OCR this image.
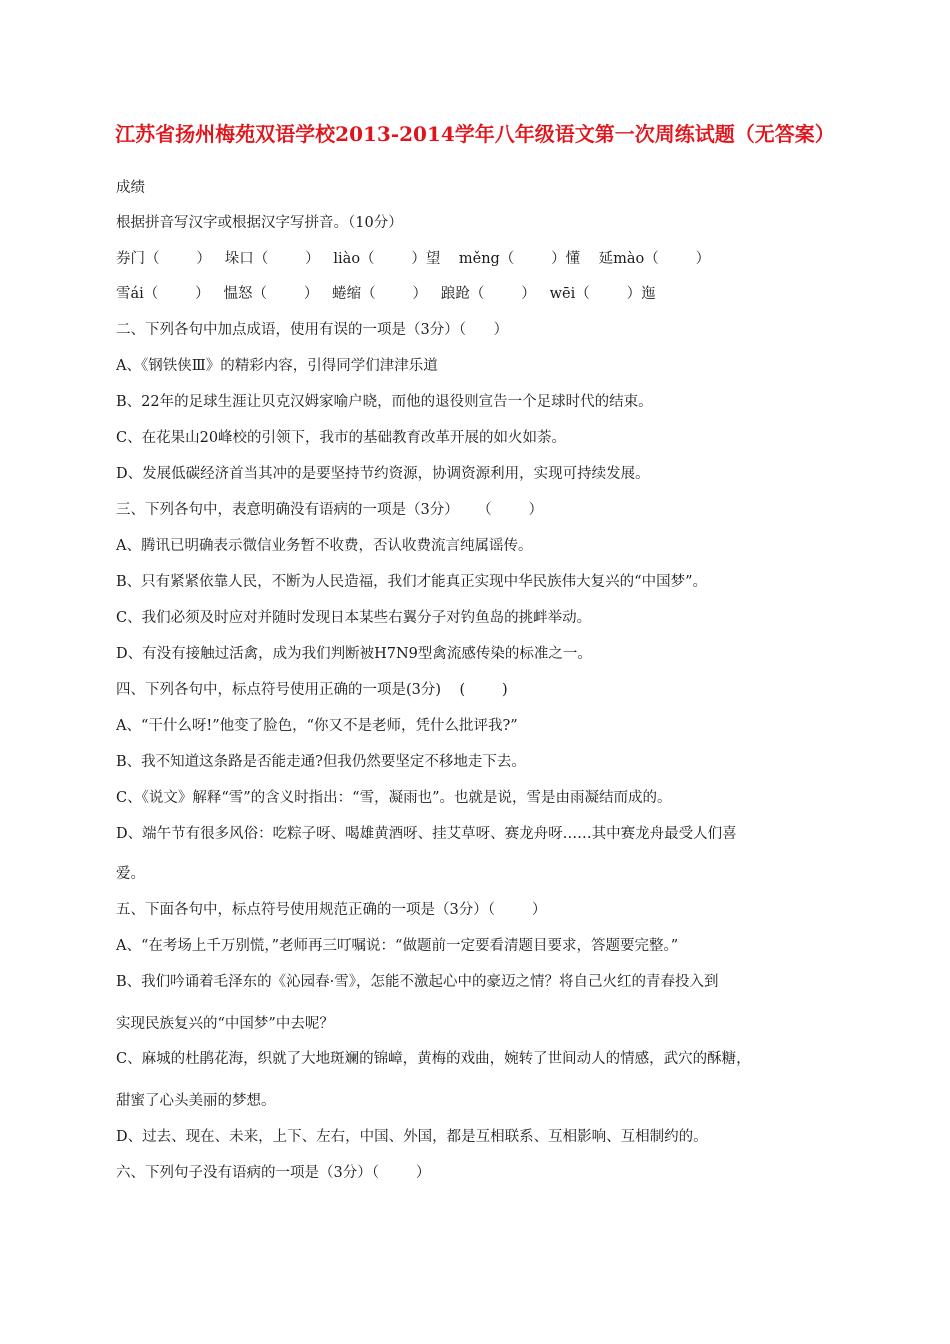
江苏省扬州梅苑双语学校2013-2014学年八年级语文第一次周练试题（无答案）
成绩
根据拼音写汉字或根据汉字写拼音。（10分）
券门（        ）   垛口（        ）   liào（        ）望    měng（        ）懂    延mào（        ）
雪ái（        ）   愠怒（        ）   蜷缩（        ）   踉跄（        ）   wēi（        ）迤
二、下列各句中加点成语，使用有误的一项是（3分）（      ）
A、《钢铁侠Ⅲ》的精彩内容，引得同学们津津乐道
B、22年的足球生涯让贝克汉姆家喻户晓，而他的退役则宣告一个足球时代的结束。
C、在花果山20峰校的引领下，我市的基础教育改革开展的如火如荼。
D、发展低碳经济首当其冲的是要坚持节约资源，协调资源利用，实现可持续发展。
三、下列各句中，表意明确没有语病的一项是（3分）    （        ）
A、腾讯已明确表示微信业务暂不收费，否认收费流言纯属谣传。
B、只有紧紧依靠人民，不断为人民造福，我们才能真正实现中华民族伟大复兴的“中国梦”。
C、我们必须及时应对并随时发现日本某些右翼分子对钓鱼岛的挑衅举动。
D、有没有接触过活禽，成为我们判断被H7N9型禽流感传染的标准之一。
四、下列各句中，标点符号使用正确的一项是(3分)    (        )
A、“干什么呀!”他变了脸色，“你又不是老师，凭什么批评我?”
B、我不知道这条路是否能走通?但我仍然要坚定不移地走下去。
C、《说文》解释“雪”的含义时指出：“雪，凝雨也”。也就是说，雪是由雨凝结而成的。
D、端午节有很多风俗：吃粽子呀、喝雄黄酒呀、挂艾草呀、赛龙舟呀……其中赛龙舟最受人们喜
爱。
五、下面各句中，标点符号使用规范正确的一项是（3分）（        ）
A、“在考场上千万别慌，”老师再三叮嘱说：“做题前一定要看清题目要求，答题要完整。”
B、我们吟诵着毛泽东的《沁园春·雪》，怎能不激起心中的豪迈之情？将自己火红的青春投入到
实现民族复兴的“中国梦”中去呢？
C、麻城的杜鹃花海，织就了大地斑斓的锦嶂，黄梅的戏曲，婉转了世间动人的情感，武穴的酥糖，
甜蜜了心头美丽的梦想。
D、过去、现在、未来，上下、左右，中国、外国，都是互相联系、互相影响、互相制约的。
六、下列句子没有语病的一项是（3分）（        ）
